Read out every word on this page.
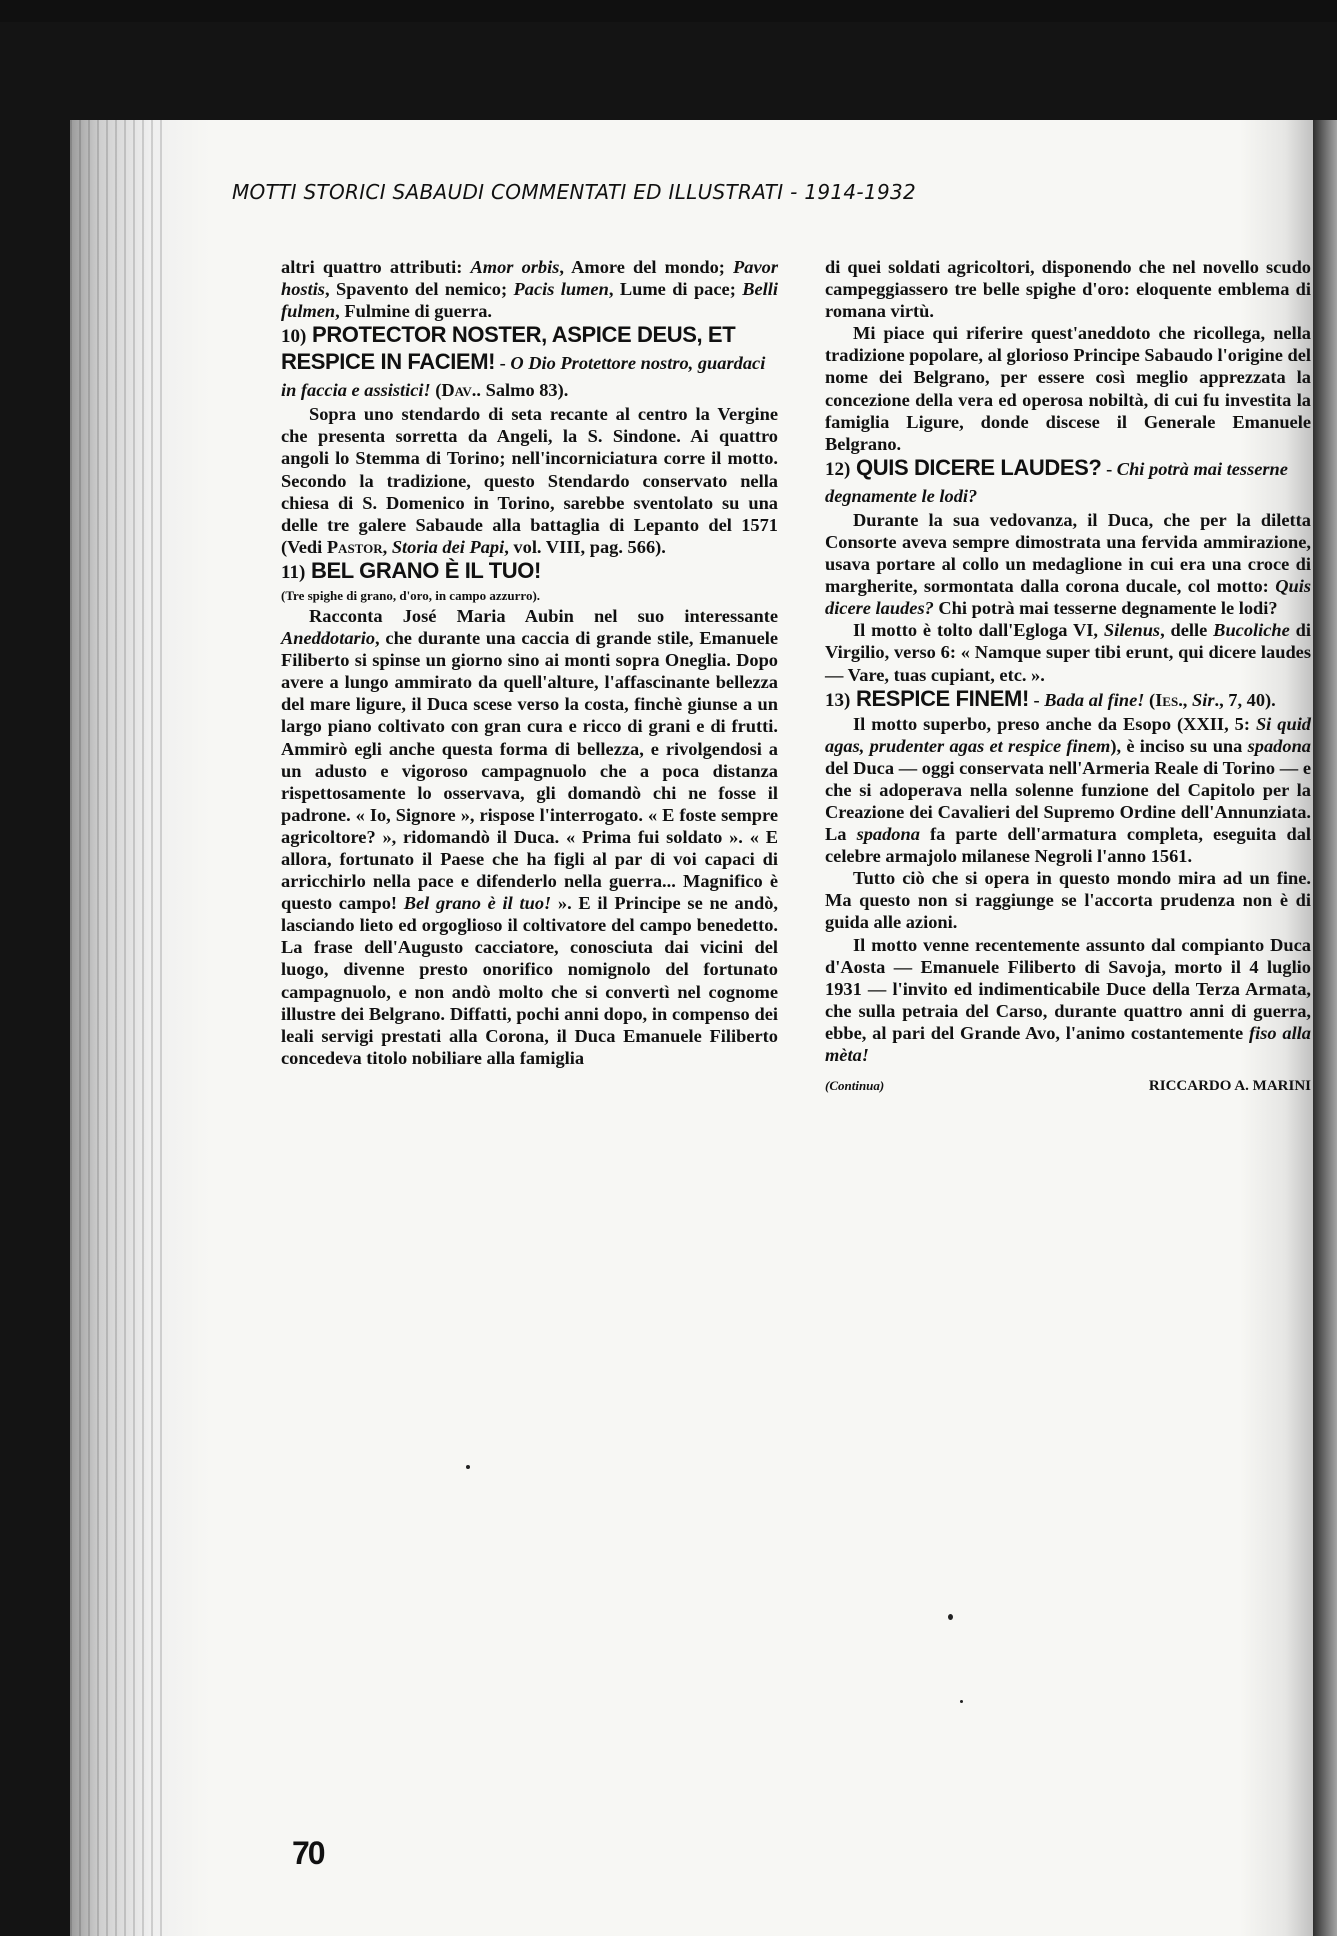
MOTTI STORICI SABAUDI COMMENTATI ED ILLUSTRATI - 1914-1932

altri quattro attributi: Amor orbis, Amore del mondo; Pavor hostis, Spavento del nemico; Pacis lumen, Lume di pace; Belli fulmen, Fulmine di guerra.

10) PROTECTOR NOSTER, ASPICE DEUS, ET RESPICE IN FACIEM! - O Dio Protettore nostro, guardaci in faccia e assistici! (Dav.. Salmo 83).

Sopra uno stendardo di seta recante al centro la Vergine che presenta sorretta da Angeli, la S. Sindone. Ai quattro angoli lo Stemma di Torino; nell'incorniciatura corre il motto. Secondo la tradizione, questo Stendardo conservato nella chiesa di S. Domenico in Torino, sarebbe sventolato su una delle tre galere Sabaude alla battaglia di Lepanto del 1571 (Vedi Pastor, Storia dei Papi, vol. VIII, pag. 566).

11) BEL GRANO È IL TUO!
(Tre spighe di grano, d'oro, in campo azzurro).

Racconta José Maria Aubin nel suo interessante Aneddotario, che durante una caccia di grande stile, Emanuele Filiberto si spinse un giorno sino ai monti sopra Oneglia. Dopo avere a lungo ammirato da quell'alture, l'affascinante bellezza del mare ligure, il Duca scese verso la costa, finchè giunse a un largo piano coltivato con gran cura e ricco di grani e di frutti. Ammirò egli anche questa forma di bellezza, e rivolgendosi a un adusto e vigoroso campagnuolo che a poca distanza rispettosamente lo osservava, gli domandò chi ne fosse il padrone. « Io, Signore », rispose l'interrogato. « E foste sempre agricoltore? », ridomandò il Duca. « Prima fui soldato ». « E allora, fortunato il Paese che ha figli al par di voi capaci di arricchirlo nella pace e difenderlo nella guerra... Magnifico è questo campo! Bel grano è il tuo! ». E il Principe se ne andò, lasciando lieto ed orgoglioso il coltivatore del campo benedetto. La frase dell'Augusto cacciatore, conosciuta dai vicini del luogo, divenne presto onorifico nomignolo del fortunato campagnuolo, e non andò molto che si convertì nel cognome illustre dei Belgrano. Diffatti, pochi anni dopo, in compenso dei leali servigi prestati alla Corona, il Duca Emanuele Filiberto concedeva titolo nobiliare alla famiglia

di quei soldati agricoltori, disponendo che nel novello scudo campeggiassero tre belle spighe d'oro: eloquente emblema di romana virtù.

Mi piace qui riferire quest'aneddoto che ricollega, nella tradizione popolare, al glorioso Principe Sabaudo l'origine del nome dei Belgrano, per essere così meglio apprezzata la concezione della vera ed operosa nobiltà, di cui fu investita la famiglia Ligure, donde discese il Generale Emanuele Belgrano.

12) QUIS DICERE LAUDES? - Chi potrà mai tesserne degnamente le lodi?

Durante la sua vedovanza, il Duca, che per la diletta Consorte aveva sempre dimostrata una fervida ammirazione, usava portare al collo un medaglione in cui era una croce di margherite, sormontata dalla corona ducale, col motto: Quis dicere laudes? Chi potrà mai tesserne degnamente le lodi?

Il motto è tolto dall'Egloga VI, Silenus, delle Bucoliche di Virgilio, verso 6: « Namque super tibi erunt, qui dicere laudes — Vare, tuas cupiant, etc. ».

13) RESPICE FINEM! - Bada al fine! (Ies., Sir., 7, 40).

Il motto superbo, preso anche da Esopo (XXII, 5: Si quid agas, prudenter agas et respice finem), è inciso su una spadona del Duca — oggi conservata nell'Armeria Reale di Torino — e che si adoperava nella solenne funzione del Capitolo per la Creazione dei Cavalieri del Supremo Ordine dell'Annunziata. La spadona fa parte dell'armatura completa, eseguita dal celebre armajolo milanese Negroli l'anno 1561.

Tutto ciò che si opera in questo mondo mira ad un fine. Ma questo non si raggiunge se l'accorta prudenza non è di guida alle azioni.

Il motto venne recentemente assunto dal compianto Duca d'Aosta — Emanuele Filiberto di Savoja, morto il 4 luglio 1931 — l'invito ed indimenticabile Duce della Terza Armata, che sulla petraia del Carso, durante quattro anni di guerra, ebbe, al pari del Grande Avo, l'animo costantemente fiso alla mèta!

(Continua)	RICCARDO A. MARINI
70
